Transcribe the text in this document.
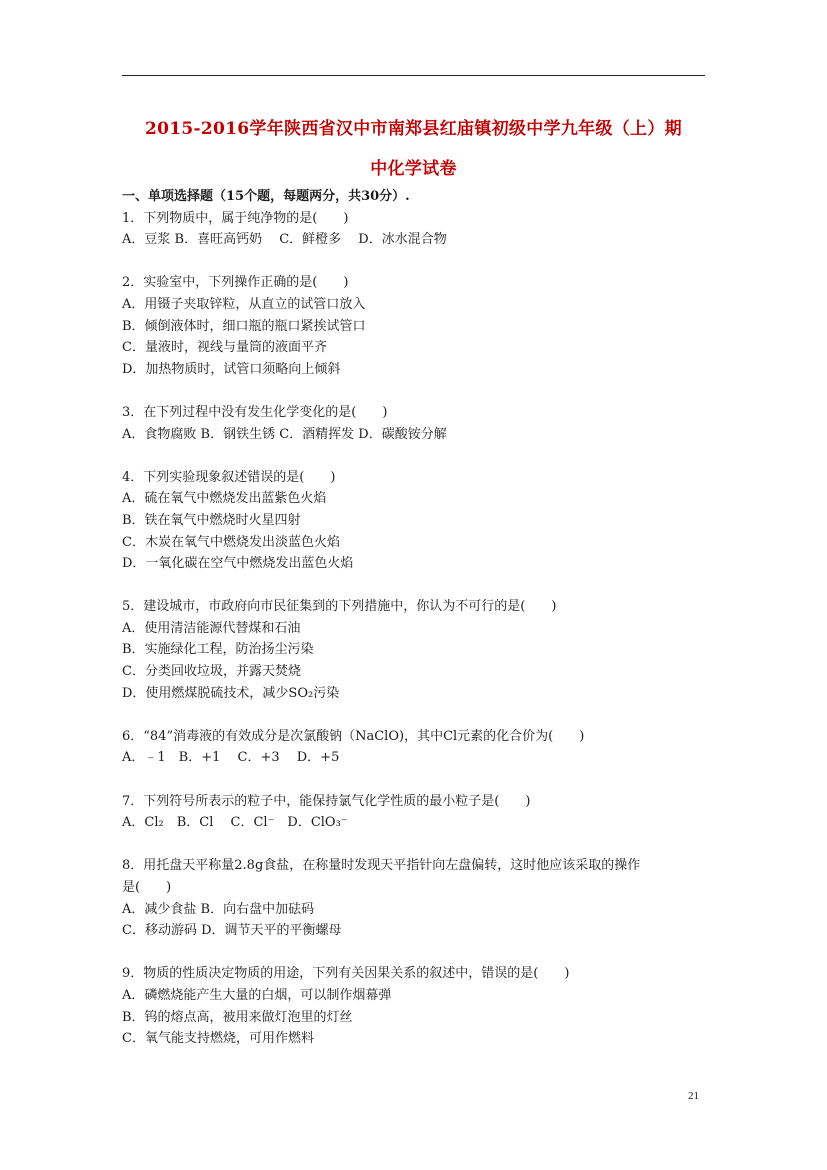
2015-2016学年陕西省汉中市南郑县红庙镇初级中学九年级（上）期
中化学试卷
一、单项选择题（15个题，每题两分，共30分）.
1．下列物质中，属于纯净物的是(　　)
A．豆浆 B．喜旺高钙奶　 C．鲜橙多　 D．冰水混合物
2．实验室中，下列操作正确的是(　　)
A．用镊子夹取锌粒，从直立的试管口放入
B．倾倒液体时，细口瓶的瓶口紧挨试管口
C．量液时，视线与量筒的液面平齐
D．加热物质时，试管口须略向上倾斜
3．在下列过程中没有发生化学变化的是(　　)
A．食物腐败 B．钢铁生锈 C．酒精挥发 D．碳酸铵分解
4．下列实验现象叙述错误的是(　　)
A．硫在氧气中燃烧发出蓝紫色火焰
B．铁在氧气中燃烧时火星四射
C．木炭在氧气中燃烧发出淡蓝色火焰
D．一氧化碳在空气中燃烧发出蓝色火焰
5．建设城市，市政府向市民征集到的下列措施中，你认为不可行的是(　　)
A．使用清洁能源代替煤和石油
B．实施绿化工程，防治扬尘污染
C．分类回收垃圾，并露天焚烧
D．使用燃煤脱硫技术，减少SO₂污染
6．“84”消毒液的有效成分是次氯酸钠（NaClO)，其中Cl元素的化合价为(　　)
A．﹣1　B．+1　 C．+3　 D．+5
7．下列符号所表示的粒子中，能保持氯气化学性质的最小粒子是(　　)
A．Cl₂　B．Cl　 C．Cl⁻　D．ClO₃⁻
8．用托盘天平称量2.8g食盐，在称量时发现天平指针向左盘偏转，这时他应该采取的操作
是(　　)
A．减少食盐 B．向右盘中加砝码
C．移动游码 D．调节天平的平衡螺母
9．物质的性质决定物质的用途，下列有关因果关系的叙述中，错误的是(　　)
A．磷燃烧能产生大量的白烟，可以制作烟幕弹
B．钨的熔点高，被用来做灯泡里的灯丝
C．氧气能支持燃烧，可用作燃料
21
